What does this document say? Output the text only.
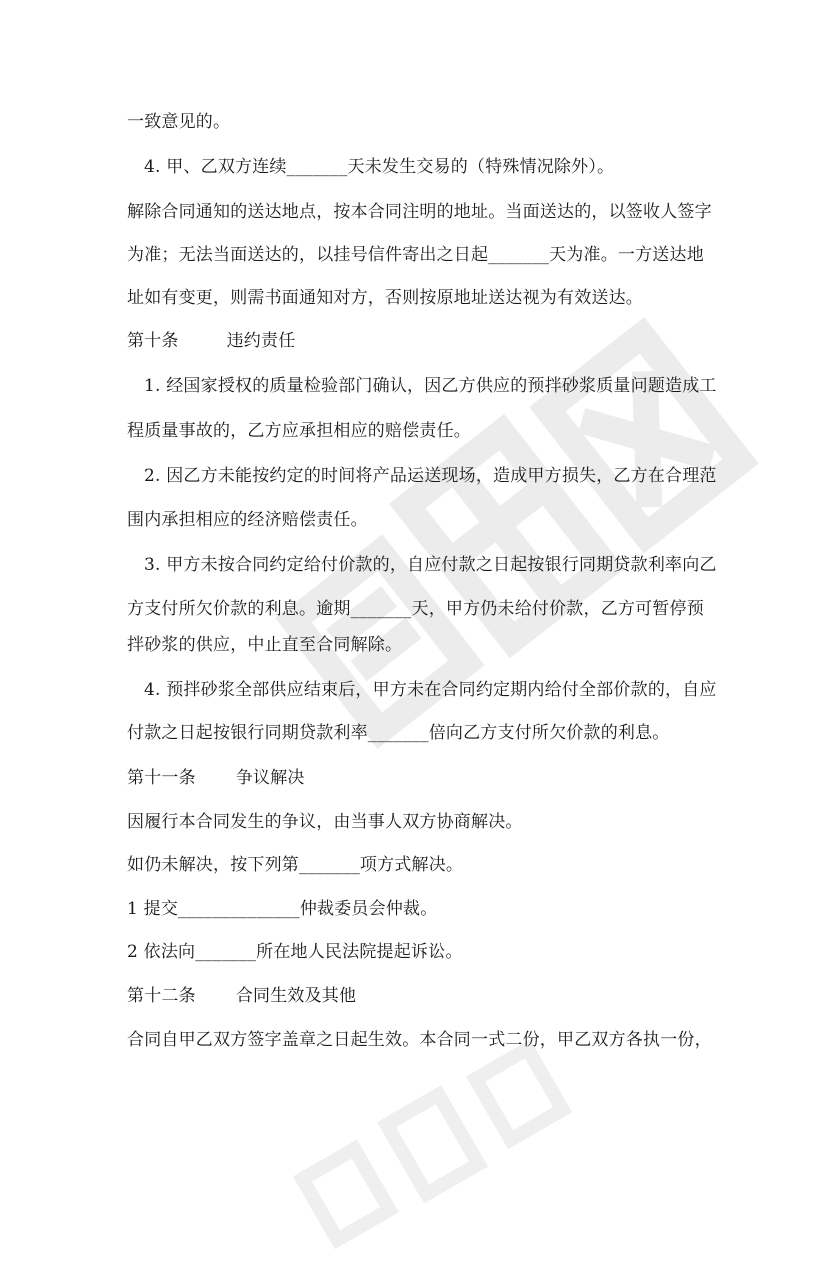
一致意见的。
4. 甲、乙双方连续_______天未发生交易的（特殊情况除外）。
解除合同通知的送达地点，按本合同注明的地址。当面送达的，以签收人签字
为准；无法当面送达的，以挂号信件寄出之日起_______天为准。一方送达地
址如有变更，则需书面通知对方，否则按原地址送达视为有效送达。
第十条	违约责任
1. 经国家授权的质量检验部门确认，因乙方供应的预拌砂浆质量问题造成工
程质量事故的，乙方应承担相应的赔偿责任。
2. 因乙方未能按约定的时间将产品运送现场，造成甲方损失，乙方在合理范
围内承担相应的经济赔偿责任。
3. 甲方未按合同约定给付价款的，自应付款之日起按银行同期贷款利率向乙
方支付所欠价款的利息。逾期_______天，甲方仍未给付价款，乙方可暂停预
拌砂浆的供应，中止直至合同解除。
4. 预拌砂浆全部供应结束后，甲方未在合同约定期内给付全部价款的，自应
付款之日起按银行同期贷款利率_______倍向乙方支付所欠价款的利息。
第十一条 争议解决
因履行本合同发生的争议，由当事人双方协商解决。
如仍未解决，按下列第_______项方式解决。
1 提交______________仲裁委员会仲裁。
2 依法向_______所在地人民法院提起诉讼。
第十二条 合同生效及其他
合同自甲乙双方签字盖章之日起生效。本合同一式二份，甲乙双方各执一份，
